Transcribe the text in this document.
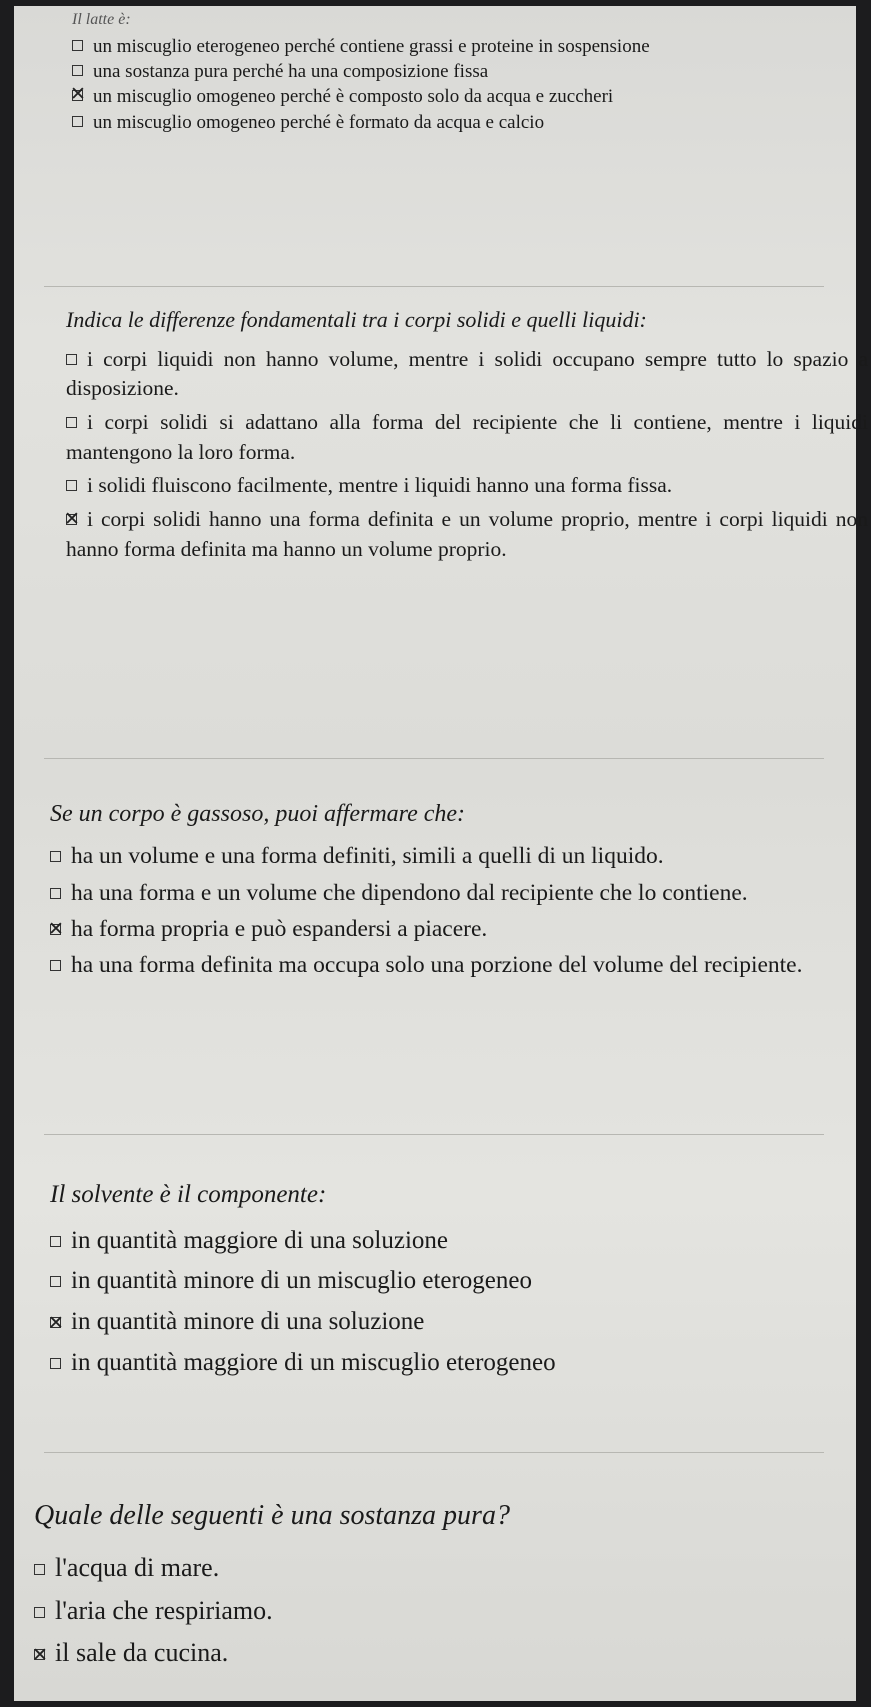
Il latte è:
un miscuglio eterogeneo perché contiene grassi e proteine in sospensione
una sostanza pura perché ha una composizione fissa
✕un miscuglio omogeneo perché è composto solo da acqua e zuccheri
un miscuglio omogeneo perché è formato da acqua e calcio
Indica le differenze fondamentali tra i corpi solidi e quelli liquidi:
i corpi liquidi non hanno volume, mentre i solidi occupano sempre tutto lo spazio a disposizione.
i corpi solidi si adattano alla forma del recipiente che li contiene, mentre i liquidi mantengono la loro forma.
i solidi fluiscono facilmente, mentre i liquidi hanno una forma fissa.
✕i corpi solidi hanno una forma definita e un volume proprio, mentre i corpi liquidi non hanno forma definita ma hanno un volume proprio.
Se un corpo è gassoso, puoi affermare che:
ha un volume e una forma definiti, simili a quelli di un liquido.
ha una forma e un volume che dipendono dal recipiente che lo contiene.
✕ha forma propria e può espandersi a piacere.
ha una forma definita ma occupa solo una porzione del volume del recipiente.
Il solvente è il componente:
in quantità maggiore di una soluzione
in quantità minore di un miscuglio eterogeneo
✕in quantità minore di una soluzione
in quantità maggiore di un miscuglio eterogeneo
Quale delle seguenti è una sostanza pura?
l'acqua di mare.
l'aria che respiriamo.
✕il sale da cucina.
